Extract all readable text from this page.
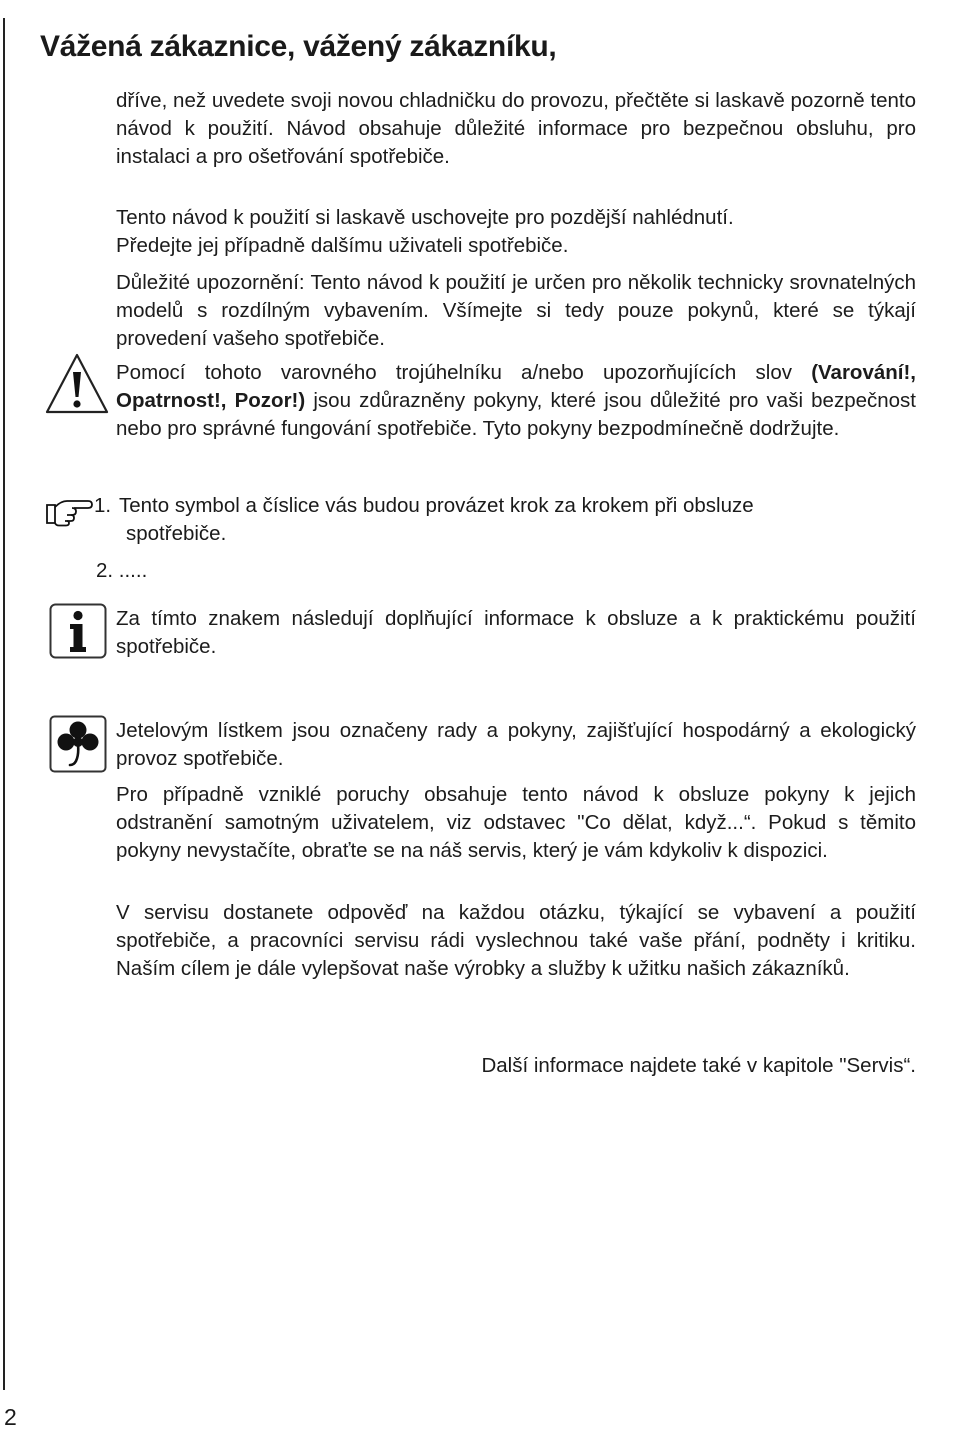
Vážená zákaznice, vážený zákazníku,

dříve, než uvedete svoji novou chladničku do provozu, přečtěte si laskavě pozorně tento návod k použití. Návod obsahuje důležité informace pro bezpečnou obsluhu, pro instalaci a pro ošetřování spotřebiče.

Tento návod k použití si laskavě uschovejte pro pozdější nahlédnutí.

Předejte jej případně dalšímu uživateli spotřebiče.

Důležité upozornění: Tento návod k použití je určen pro několik technicky srovnatelných modelů s rozdílným vybavením. Všímejte si tedy pouze pokynů, které se týkají provedení vašeho spotřebiče.

Pomocí tohoto varovného trojúhelníku a/nebo upozorňujících slov (Varování!, Opatrnost!, Pozor!) jsou zdůrazněny pokyny, které jsou důležité pro vaši bezpečnost nebo pro správné fungování spotřebiče. Tyto pokyny bezpodmínečně dodržujte.

1. Tento symbol a číslice vás budou provázet krok za krokem při obsluze
spotřebiče.
2. .....

Za tímto znakem následují doplňující informace k obsluze a k praktickému použití spotřebiče.

Jetelovým lístkem jsou označeny rady a pokyny, zajišťující hospodárný a ekologický provoz spotřebiče.

Pro případně vzniklé poruchy obsahuje tento návod k obsluze pokyny k jejich odstranění samotným uživatelem, viz odstavec "Co dělat, když...“. Pokud s těmito pokyny nevystačíte, obraťte se na náš servis, který je vám kdykoliv k dispozici.

V servisu dostanete odpověď na každou otázku, týkající se vybavení a použití spotřebiče, a pracovníci servisu rádi vyslechnou také vaše přání, podněty i kritiku. Naším cílem je dále vylepšovat naše výrobky a služby k užitku našich zákazníků.

Další informace najdete také v kapitole "Servis“.

2
